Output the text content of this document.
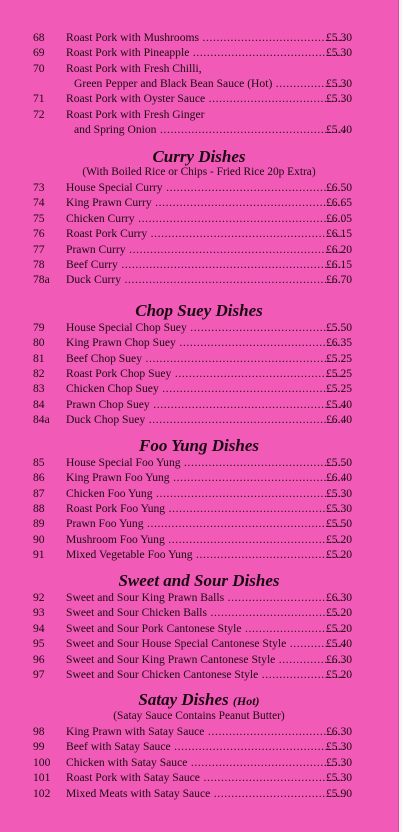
68 Roast Pork with Mushrooms .....	£5.30
69 Roast Pork with Pineapple .....	£5.30
70 Roast Pork with Fresh Chilli,
Green Pepper and Black Bean Sauce (Hot) .....	£5.30
71 Roast Pork with Oyster Sauce .....	£5.30
72 Roast Pork with Fresh Ginger
and Spring Onion .....	£5.40
Curry Dishes
(With Boiled Rice or Chips - Fried Rice 20p Extra)
73 House Special Curry .....	£6.50
74 King Prawn Curry .....	£6.65
75 Chicken Curry .....	£6.05
76 Roast Pork Curry .....	£6.15
77 Prawn Curry .....	£6.20
78 Beef Curry .....	£6.15
78a Duck Curry .....	£6.70
Chop Suey Dishes
79 House Special Chop Suey .....	£5.50
80 King Prawn Chop Suey .....	£6.35
81 Beef Chop Suey .....	£5.25
82 Roast Pork Chop Suey .....	£5.25
83 Chicken Chop Suey .....	£5.25
84 Prawn Chop Suey .....	£5.40
84a Duck Chop Suey .....	£6.40
Foo Yung Dishes
85 House Special Foo Yung .....	£5.50
86 King Prawn Foo Yung .....	£6.40
87 Chicken Foo Yung .....	£5.30
88 Roast Pork Foo Yung .....	£5.30
89 Prawn Foo Yung .....	£5.50
90 Mushroom Foo Yung .....	£5.20
91 Mixed Vegetable Foo Yung .....	£5.20
Sweet and Sour Dishes
92 Sweet and Sour King Prawn Balls .....	£6.30
93 Sweet and Sour Chicken Balls .....	£5.20
94 Sweet and Sour Pork Cantonese Style .....	£5.20
95 Sweet and Sour House Special Cantonese Style .....	£5.40
96 Sweet and Sour King Prawn Cantonese Style .....	£6.30
97 Sweet and Sour Chicken Cantonese Style .....	£5.20
Satay Dishes (Hot)
(Satay Sauce Contains Peanut Butter)
98 King Prawn with Satay Sauce .....	£6.30
99 Beef with Satay Sauce .....	£5.30
100 Chicken with Satay Sauce .....	£5.30
101 Roast Pork with Satay Sauce .....	£5.30
102 Mixed Meats with Satay Sauce .....	£5.90
